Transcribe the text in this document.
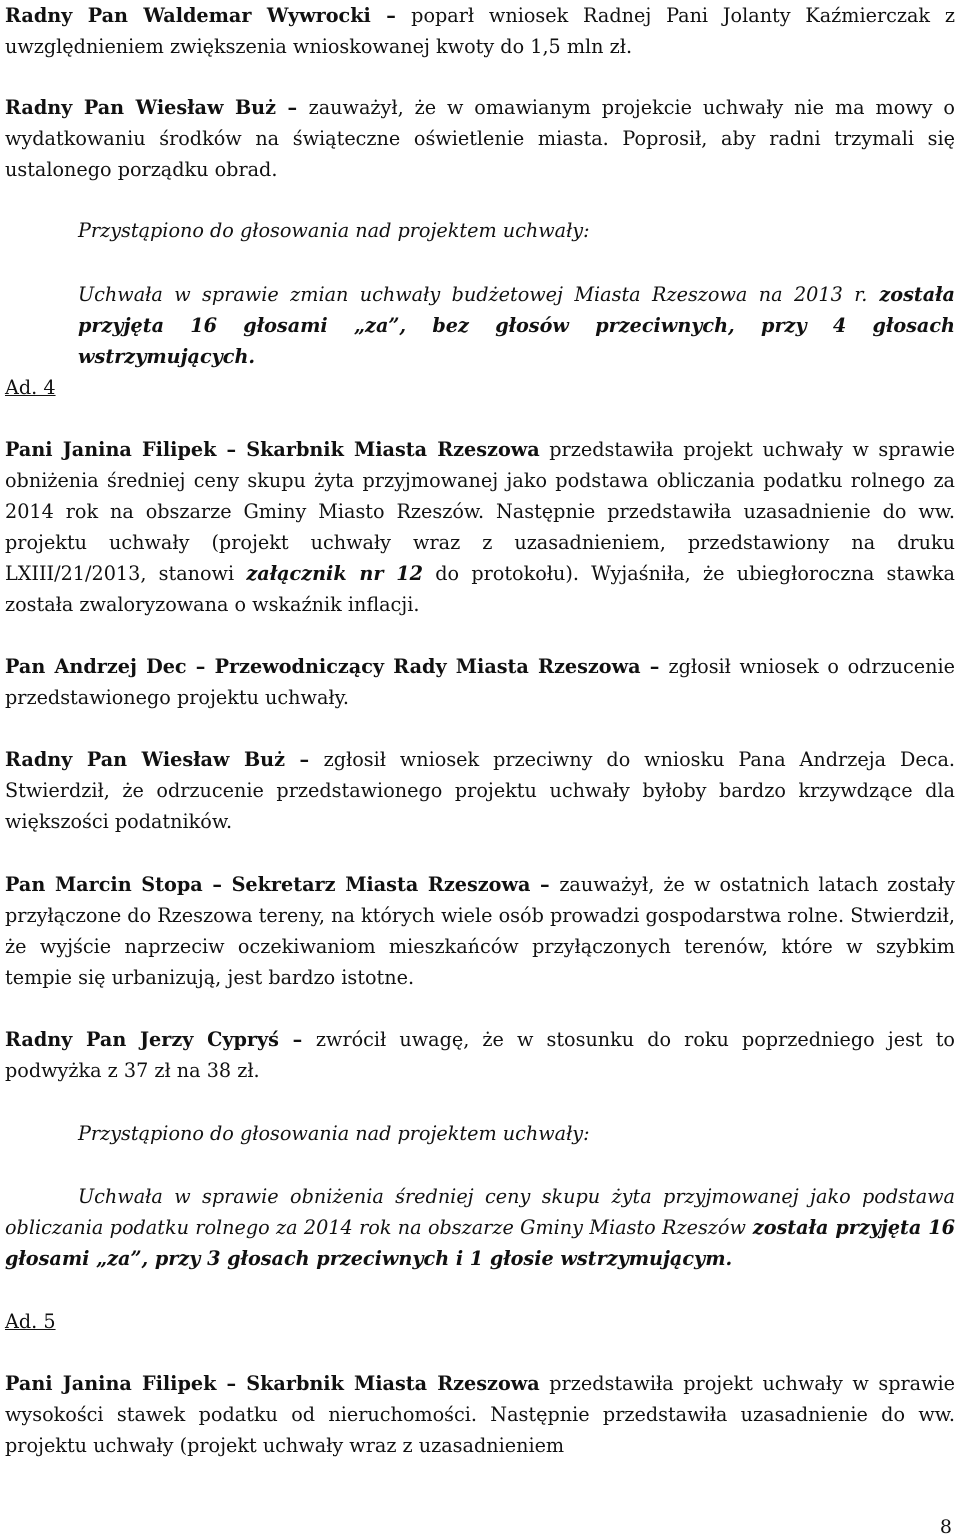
Radny Pan Waldemar Wywrocki – poparł wniosek Radnej Pani Jolanty Kaźmierczak z uwzględnieniem zwiększenia wnioskowanej kwoty do 1,5 mln zł.

Radny Pan Wiesław Buż – zauważył, że w omawianym projekcie uchwały nie ma mowy o wydatkowaniu środków na świąteczne oświetlenie miasta. Poprosił, aby radni trzymali się ustalonego porządku obrad.

Przystąpiono do głosowania nad projektem uchwały:

Uchwała w sprawie zmian uchwały budżetowej Miasta Rzeszowa na 2013 r. została przyjęta 16 głosami „za”, bez głosów przeciwnych, przy 4 głosach wstrzymujących.

Ad. 4

Pani Janina Filipek – Skarbnik Miasta Rzeszowa przedstawiła projekt uchwały w sprawie obniżenia średniej ceny skupu żyta przyjmowanej jako podstawa obliczania podatku rolnego za 2014 rok na obszarze Gminy Miasto Rzeszów. Następnie przedstawiła uzasadnienie do ww. projektu uchwały (projekt uchwały wraz z uzasadnieniem, przedstawiony na druku LXIII/21/2013, stanowi załącznik nr 12 do protokołu). Wyjaśniła, że ubiegłoroczna stawka została zwaloryzowana o wskaźnik inflacji.

Pan Andrzej Dec – Przewodniczący Rady Miasta Rzeszowa – zgłosił wniosek o odrzucenie przedstawionego projektu uchwały.

Radny Pan Wiesław Buż – zgłosił wniosek przeciwny do wniosku Pana Andrzeja Deca. Stwierdził, że odrzucenie przedstawionego projektu uchwały byłoby bardzo krzywdzące dla większości podatników.

Pan Marcin Stopa – Sekretarz Miasta Rzeszowa – zauważył, że w ostatnich latach zostały przyłączone do Rzeszowa tereny, na których wiele osób prowadzi gospodarstwa rolne. Stwierdził, że wyjście naprzeciw oczekiwaniom mieszkańców przyłączonych terenów, które w szybkim tempie się urbanizują, jest bardzo istotne.

Radny Pan Jerzy Cypryś – zwrócił uwagę, że w stosunku do roku poprzedniego jest to podwyżka z 37 zł na 38 zł.

Przystąpiono do głosowania nad projektem uchwały:

Uchwała w sprawie obniżenia średniej ceny skupu żyta przyjmowanej jako podstawa obliczania podatku rolnego za 2014 rok na obszarze Gminy Miasto Rzeszów została przyjęta 16 głosami „za”, przy 3 głosach przeciwnych i 1 głosie wstrzymującym.

Ad. 5

Pani Janina Filipek – Skarbnik Miasta Rzeszowa przedstawiła projekt uchwały w sprawie wysokości stawek podatku od nieruchomości. Następnie przedstawiła uzasadnienie do ww. projektu uchwały (projekt uchwały wraz z uzasadnieniem

8
